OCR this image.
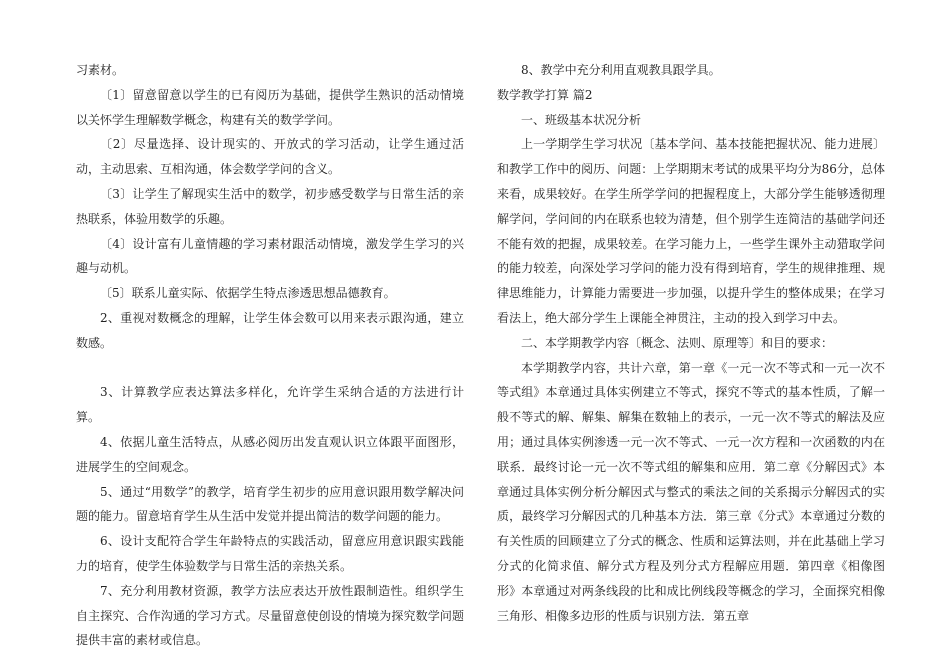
习素材。

〔1〕留意留意以学生的已有阅历为基础，提供学生熟识的活动情境以关怀学生理解数学概念，构建有关的数学学问。

〔2〕尽量选择、设计现实的、开放式的学习活动，让学生通过活动，主动思索、互相沟通，体会数学学问的含义。

〔3〕让学生了解现实生活中的数学，初步感受数学与日常生活的亲热联系，体验用数学的乐趣。

〔4〕设计富有儿童情趣的学习素材跟活动情境，激发学生学习的兴趣与动机。

〔5〕联系儿童实际、依据学生特点渗透思想品德教育。

2、重视对数概念的理解，让学生体会数可以用来表示跟沟通，建立数感。

3、计算教学应表达算法多样化，允许学生采纳合适的方法进行计算。

4、依据儿童生活特点，从感必阅历出发直观认识立体跟平面图形，进展学生的空间观念。

5、通过“用数学”的教学，培育学生初步的应用意识跟用数学解决问题的能力。留意培育学生从生活中发觉并提出简洁的数学问题的能力。

6、设计支配符合学生年龄特点的实践活动，留意应用意识跟实践能力的培育，使学生体验数学与日常生活的亲热关系。

7、充分利用教材资源，教学方法应表达开放性跟制造性。组织学生自主探究、合作沟通的学习方式。尽量留意使创设的情境为探究数学问题提供丰富的素材或信息。

8、教学中充分利用直观教具跟学具。

数学教学打算 篇2

一、班级基本状况分析

上一学期学生学习状况〔基本学问、基本技能把握状况、能力进展〕和教学工作中的阅历、问题：上学期期末考试的成果平均分为86分，总体来看，成果较好。在学生所学学问的把握程度上，大部分学生能够透彻理解学问，学问间的内在联系也较为清楚，但个别学生连简洁的基础学问还不能有效的把握，成果较差。在学习能力上，一些学生课外主动猎取学问的能力较差，向深处学习学问的能力没有得到培育，学生的规律推理、规律思维能力，计算能力需要进一步加强，以提升学生的整体成果；在学习看法上，绝大部分学生上课能全神贯注，主动的投入到学习中去。

二、本学期教学内容〔概念、法则、原理等〕和目的要求：

本学期教学内容，共计六章，第一章《一元一次不等式和一元一次不等式组》本章通过具体实例建立不等式，探究不等式的基本性质，了解一般不等式的解、解集、解集在数轴上的表示，一元一次不等式的解法及应用；通过具体实例渗透一元一次不等式、一元一次方程和一次函数的内在联系．最终讨论一元一次不等式组的解集和应用．第二章《分解因式》本章通过具体实例分析分解因式与整式的乘法之间的关系揭示分解因式的实质，最终学习分解因式的几种基本方法．第三章《分式》本章通过分数的有关性质的回顾建立了分式的概念、性质和运算法则，并在此基础上学习分式的化简求值、解分式方程及列分式方程解应用题．第四章《相像图形》本章通过对两条线段的比和成比例线段等概念的学习，全面探究相像三角形、相像多边形的性质与识别方法．第五章
